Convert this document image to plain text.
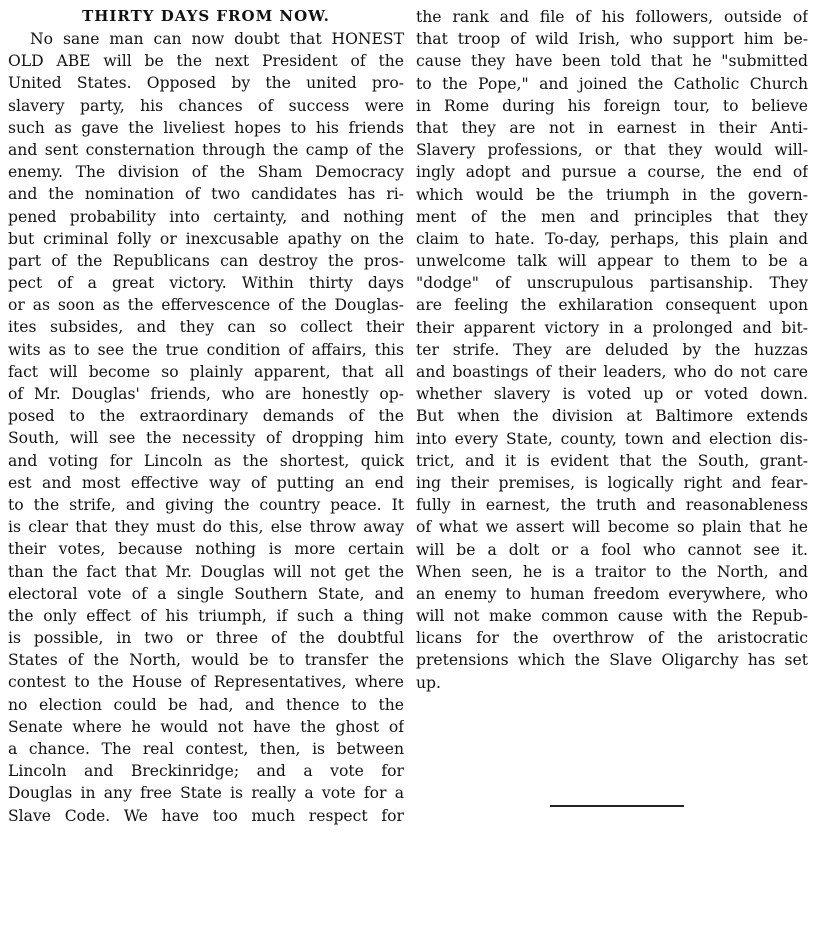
THIRTY DAYS FROM NOW.
No sane man can now doubt that HONEST
OLD ABE will be the next President of the
United States. Opposed by the united pro-
slavery party, his chances of success were
such as gave the liveliest hopes to his friends
and sent consternation through the camp of the
enemy. The division of the Sham Democracy
and the nomination of two candidates has ri-
pened probability into certainty, and nothing
but criminal folly or inexcusable apathy on the
part of the Republicans can destroy the pros-
pect of a great victory. Within thirty days
or as soon as the effervescence of the Douglas-
ites subsides, and they can so collect their
wits as to see the true condition of affairs, this
fact will become so plainly apparent, that all
of Mr. Douglas' friends, who are honestly op-
posed to the extraordinary demands of the
South, will see the necessity of dropping him
and voting for Lincoln as the shortest, quick
est and most effective way of putting an end
to the strife, and giving the country peace. It
is clear that they must do this, else throw away
their votes, because nothing is more certain
than the fact that Mr. Douglas will not get the
electoral vote of a single Southern State, and
the only effect of his triumph, if such a thing
is possible, in two or three of the doubtful
States of the North, would be to transfer the
contest to the House of Representatives, where
no election could be had, and thence to the
Senate where he would not have the ghost of
a chance. The real contest, then, is between
Lincoln and Breckinridge; and a vote for
Douglas in any free State is really a vote for a
Slave Code. We have too much respect for
the rank and file of his followers, outside of
that troop of wild Irish, who support him be-
cause they have been told that he "submitted
to the Pope," and joined the Catholic Church
in Rome during his foreign tour, to believe
that they are not in earnest in their Anti-
Slavery professions, or that they would will-
ingly adopt and pursue a course, the end of
which would be the triumph in the govern-
ment of the men and principles that they
claim to hate. To-day, perhaps, this plain and
unwelcome talk will appear to them to be a
"dodge" of unscrupulous partisanship. They
are feeling the exhilaration consequent upon
their apparent victory in a prolonged and bit-
ter strife. They are deluded by the huzzas
and boastings of their leaders, who do not care
whether slavery is voted up or voted down.
But when the division at Baltimore extends
into every State, county, town and election dis-
trict, and it is evident that the South, grant-
ing their premises, is logically right and fear-
fully in earnest, the truth and reasonableness
of what we assert will become so plain that he
will be a dolt or a fool who cannot see it.
When seen, he is a traitor to the North, and
an enemy to human freedom everywhere, who
will not make common cause with the Repub-
licans for the overthrow of the aristocratic
pretensions which the Slave Oligarchy has set
up.
